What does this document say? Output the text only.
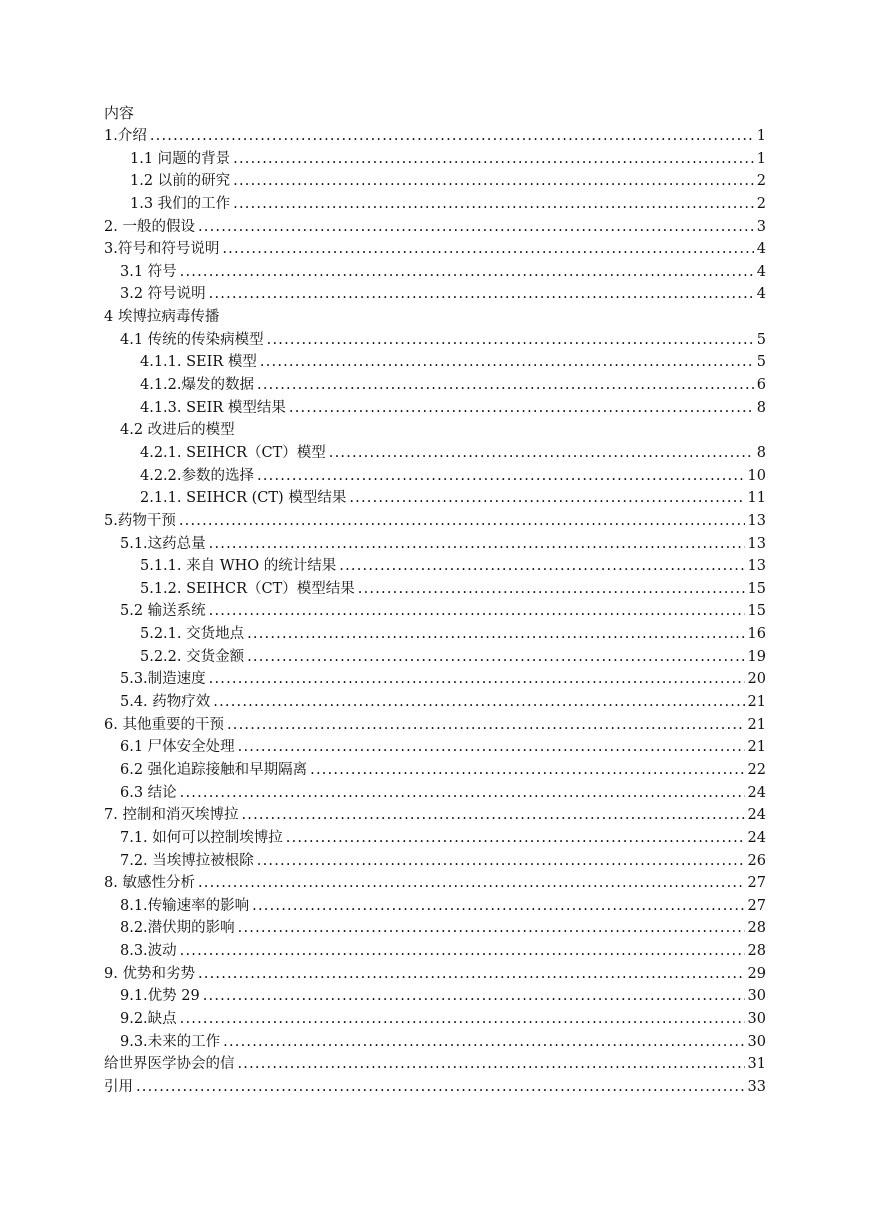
内容
1.介绍 .....	1
1.1 问题的背景 .....	1
1.2 以前的研究 .....	2
1.3 我们的工作 .....	2
2. 一般的假设 .....	3
3.符号和符号说明 .....	4
3.1 符号 .....	4
3.2 符号说明 .....	4
4 埃博拉病毒传播
4.1 传统的传染病模型 .....	5
4.1.1. SEIR 模型 .....	5
4.1.2.爆发的数据 .....	6
4.1.3. SEIR 模型结果 .....	8
4.2 改进后的模型
4.2.1. SEIHCR（CT）模型 .....	8
4.2.2.参数的选择 .....	10
2.1.1. SEIHCR (CT) 模型结果 .....	11
5.药物干预 .....	13
5.1.这药总量 .....	13
5.1.1. 来自 WHO 的统计结果 .....	13
5.1.2. SEIHCR（CT）模型结果 .....	15
5.2 输送系统 .....	15
5.2.1. 交货地点 .....	16
5.2.2. 交货金额 .....	19
5.3.制造速度 .....	20
5.4. 药物疗效 .....	21
6. 其他重要的干预 .....	21
6.1 尸体安全处理 .....	21
6.2 强化追踪接触和早期隔离 .....	22
6.3 结论 .....	24
7. 控制和消灭埃博拉 .....	24
7.1. 如何可以控制埃博拉 .....	24
7.2. 当埃博拉被根除 .....	26
8. 敏感性分析 .....	27
8.1.传输速率的影响 .....	27
8.2.潜伏期的影响 .....	28
8.3.波动 .....	28
9. 优势和劣势 .....	29
9.1.优势 29 .....	30
9.2.缺点 .....	30
9.3.未来的工作 .....	30
给世界医学协会的信 .....	31
引用 .....	33
